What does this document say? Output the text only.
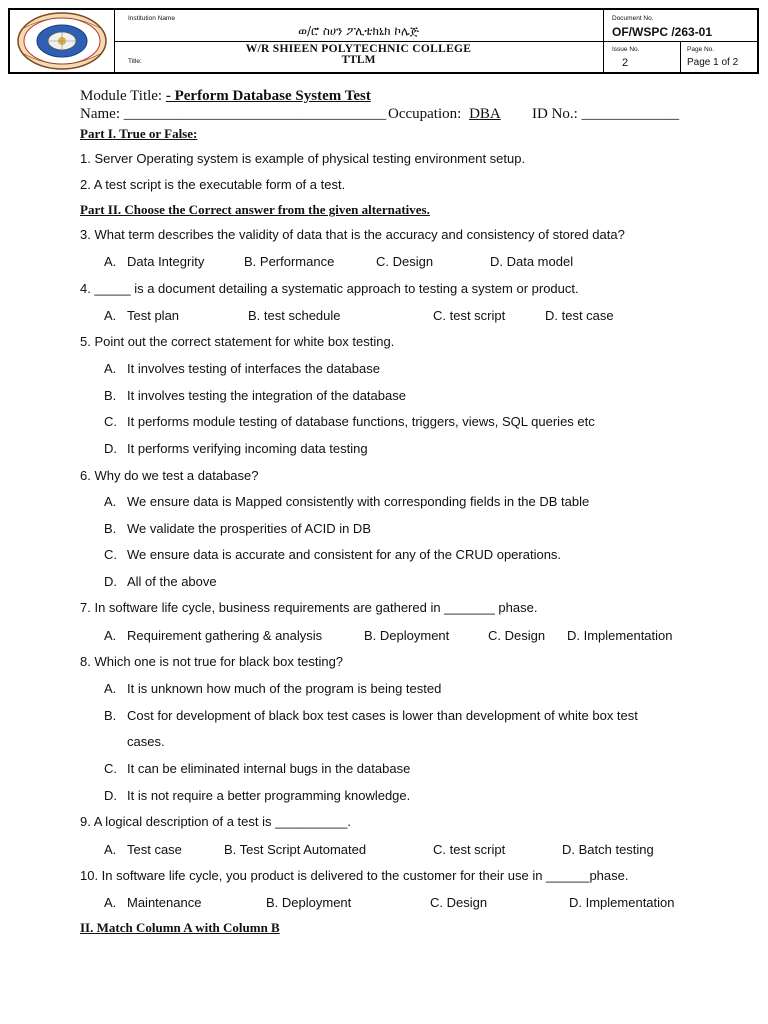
Institution Name
ወ/ሮ ስሀን ፖሊቴክኒክ ኮሌጅ
W/R SHIEEN POLYTECHNIC COLLEGE
Title:	TTLM
Document No.
OF/WSPC /263-01
Issue No.
2
Page No.
Page 1 of 2
Module Title: - Perform Database System Test
Name: ___________________________________ Occupation: DBA ID No.: _____________
Part I. True or False:
1. Server Operating system is example of physical testing environment setup.
2. A test script is the executable form of a test.
Part II. Choose the Correct answer from the given alternatives.
3. What term describes the validity of data that is the accuracy and consistency of stored data?
A. Data Integrity	B. Performance	C. Design	D. Data model
4. _____ is a document detailing a systematic approach to testing a system or product.
A. Test plan	B. test schedule	C. test script	D. test case
5. Point out the correct statement for white box testing.
A. It involves testing of interfaces the database
B. It involves testing the integration of the database
C. It performs module testing of database functions, triggers, views, SQL queries etc
D. It performs verifying incoming data testing
6. Why do we test a database?
A. We ensure data is Mapped consistently with corresponding fields in the DB table
B. We validate the prosperities of ACID in DB
C. We ensure data is accurate and consistent for any of the CRUD operations.
D. All of the above
7. In software life cycle, business requirements are gathered in _______ phase.
A. Requirement gathering & analysis	B. Deployment	C. Design D. Implementation
8. Which one is not true for black box testing?
A. It is unknown how much of the program is being tested
B. Cost for development of black box test cases is lower than development of white box test
cases.
C. It can be eliminated internal bugs in the database
D. It is not require a better programming knowledge.
9. A logical description of a test is __________.
A. Test case	B. Test Script Automated	C. test script	D. Batch testing
10. In software life cycle, you product is delivered to the customer for their use in ______phase.
A. Maintenance	B. Deployment	C. Design	D. Implementation
II. Match Column A with Column B
